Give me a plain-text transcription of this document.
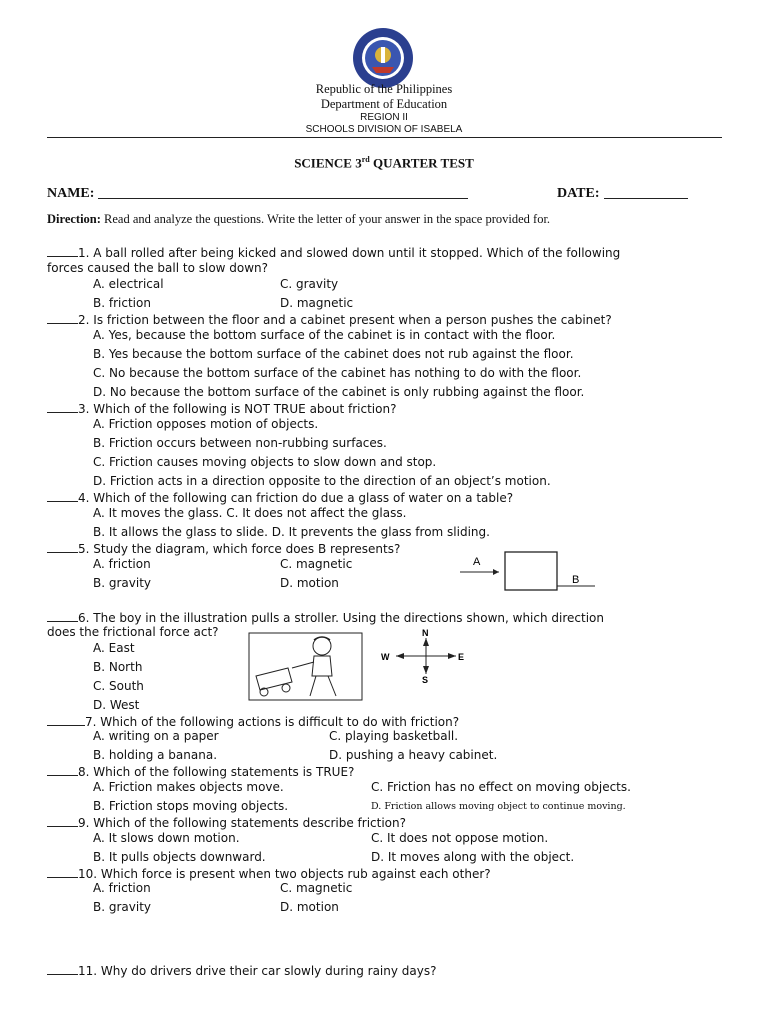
Republic of the Philippines
Department of Education
REGION II
SCHOOLS DIVISION OF ISABELA
SCIENCE 3rd QUARTER TEST
NAME:	DATE:
Direction: Read and analyze the questions. Write the letter of your answer in the space provided for.
1. A ball rolled after being kicked and slowed down until it stopped. Which of the following
forces caused the ball to slow down?
A. electrical	C. gravity
B. friction	D. magnetic
2. Is friction between the floor and a cabinet present when a person pushes the cabinet?
A. Yes, because the bottom surface of the cabinet is in contact with the floor.
B. Yes because the bottom surface of the cabinet does not rub against the floor.
C. No because the bottom surface of the cabinet has nothing to do with the floor.
D. No because the bottom surface of the cabinet is only rubbing against the floor.
3. Which of the following is NOT TRUE about friction?
A. Friction opposes motion of objects.
B. Friction occurs between non-rubbing surfaces.
C. Friction causes moving objects to slow down and stop.
D. Friction acts in a direction opposite to the direction of an object’s motion.
4. Which of the following can friction do due a glass of water on a table?
A. It moves the glass. C. It does not affect the glass.
B. It allows the glass to slide. D. It prevents the glass from sliding.
5. Study the diagram, which force does B represents?
A. friction	C. magnetic
B. gravity	D. motion
A
B
6. The boy in the illustration pulls a stroller. Using the directions shown, which direction
does the frictional force act?
A. East
B. North
C. South
D. West
N
S
E
W
7. Which of the following actions is difficult to do with friction?
A. writing on a paper	C. playing basketball.
B. holding a banana.	D. pushing a heavy cabinet.
8. Which of the following statements is TRUE?
A. Friction makes objects move.	C. Friction has no effect on moving objects.
B. Friction stops moving objects.	D. Friction allows moving object to continue moving.
9. Which of the following statements describe friction?
A. It slows down motion.	C. It does not oppose motion.
B. It pulls objects downward.	D. It moves along with the object.
10. Which force is present when two objects rub against each other?
A. friction	C. magnetic
B. gravity	D. motion
11. Why do drivers drive their car slowly during rainy days?
